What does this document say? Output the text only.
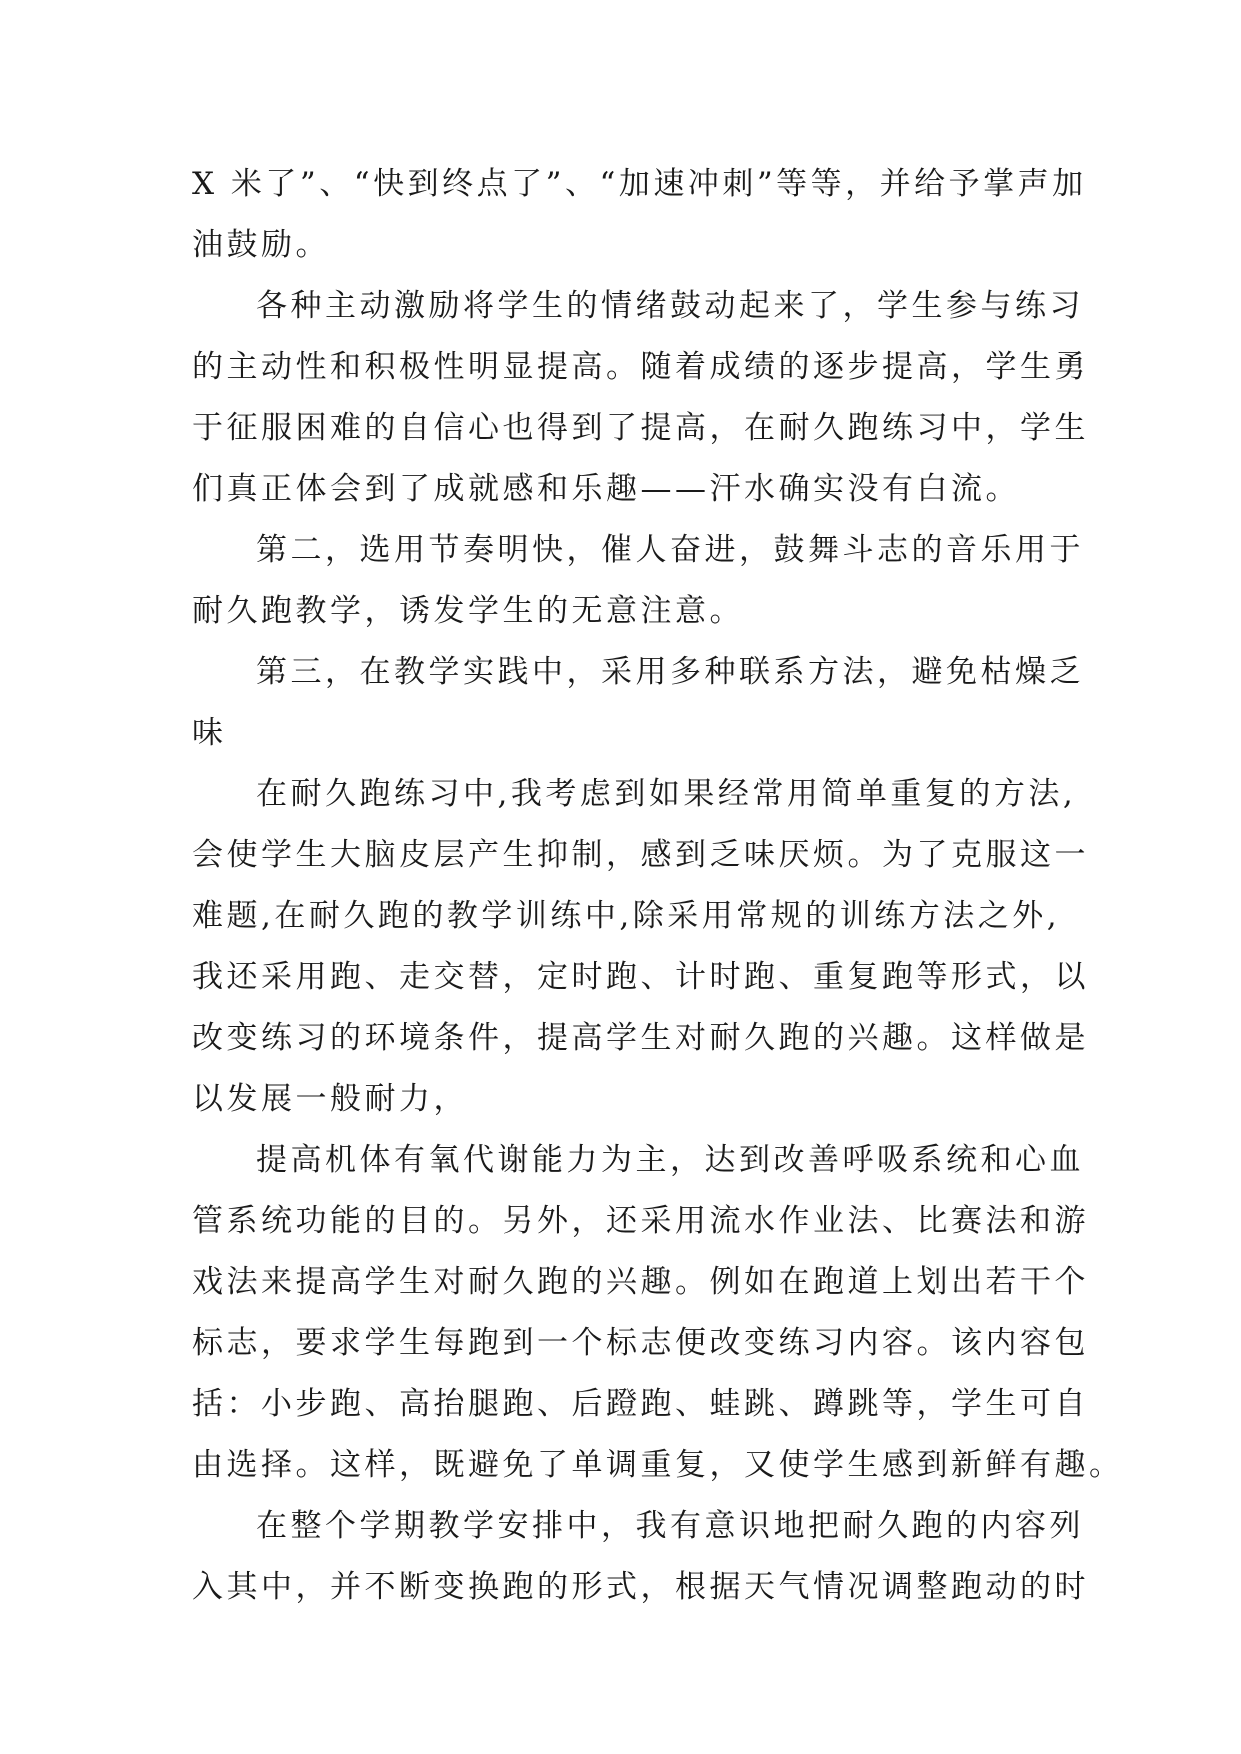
X 米了”、“快到终点了”、“加速冲刺”等等，并给予掌声加
油鼓励。
各种主动激励将学生的情绪鼓动起来了，学生参与练习
的主动性和积极性明显提高。随着成绩的逐步提高，学生勇
于征服困难的自信心也得到了提高，在耐久跑练习中，学生
们真正体会到了成就感和乐趣——汗水确实没有白流。
第二，选用节奏明快，催人奋进，鼓舞斗志的音乐用于
耐久跑教学，诱发学生的无意注意。
第三，在教学实践中，采用多种联系方法，避免枯燥乏
味
在耐久跑练习中,我考虑到如果经常用简单重复的方法,
会使学生大脑皮层产生抑制，感到乏味厌烦。为了克服这一
难题,在耐久跑的教学训练中,除采用常规的训练方法之外,
我还采用跑、走交替，定时跑、计时跑、重复跑等形式，以
改变练习的环境条件，提高学生对耐久跑的兴趣。这样做是
以发展一般耐力，
提高机体有氧代谢能力为主，达到改善呼吸系统和心血
管系统功能的目的。另外，还采用流水作业法、比赛法和游
戏法来提高学生对耐久跑的兴趣。例如在跑道上划出若干个
标志，要求学生每跑到一个标志便改变练习内容。该内容包
括：小步跑、高抬腿跑、后蹬跑、蛙跳、蹲跳等，学生可自
由选择。这样，既避免了单调重复，又使学生感到新鲜有趣。
在整个学期教学安排中，我有意识地把耐久跑的内容列
入其中，并不断变换跑的形式，根据天气情况调整跑动的时
